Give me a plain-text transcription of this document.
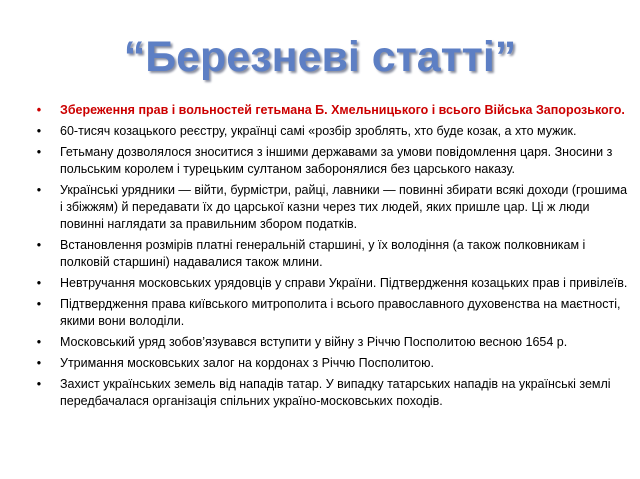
“Березневі статті”
•	Збереження прав і вольностей гетьмана Б. Хмельницького і всього Війська Запорозького.
•	60-тисяч козацького реєстру, українці самі «розбір зроблять, хто буде козак, а хто мужик.
•	Гетьману дозволялося зноситися з іншими державами за умови повідомлення царя. Зносини з польським королем і турецьким султаном заборонялися без царського наказу.
•	Українські урядники — війти, бурмістри, райці, лавники — повинні збирати всякі доходи (грошима і збіжжям) й передавати їх до царської казни через тих людей, яких пришле цар. Ці ж люди повинні наглядати за правильним збором податків.
•	Встановлення розмірів платні генеральній старшині, у їх володіння (а також полковникам і полковій старшині) надавалися також млини.
•	Невтручання московських урядовців у справи України. Підтвердження козацьких прав і привілеїв.
•	Підтвердження права київського митрополита і всього православного духовенства на маєтності, якими вони володіли.
•	Московський уряд зобов’язувався вступити у війну з Річчю Посполитою весною 1654 р.
•	Утримання московських залог на кордонах з Річчю Посполитою.
•	Захист українських земель від нападів татар. У випадку татарських нападів на українські землі передбачалася організація спільних україно-московських походів.
